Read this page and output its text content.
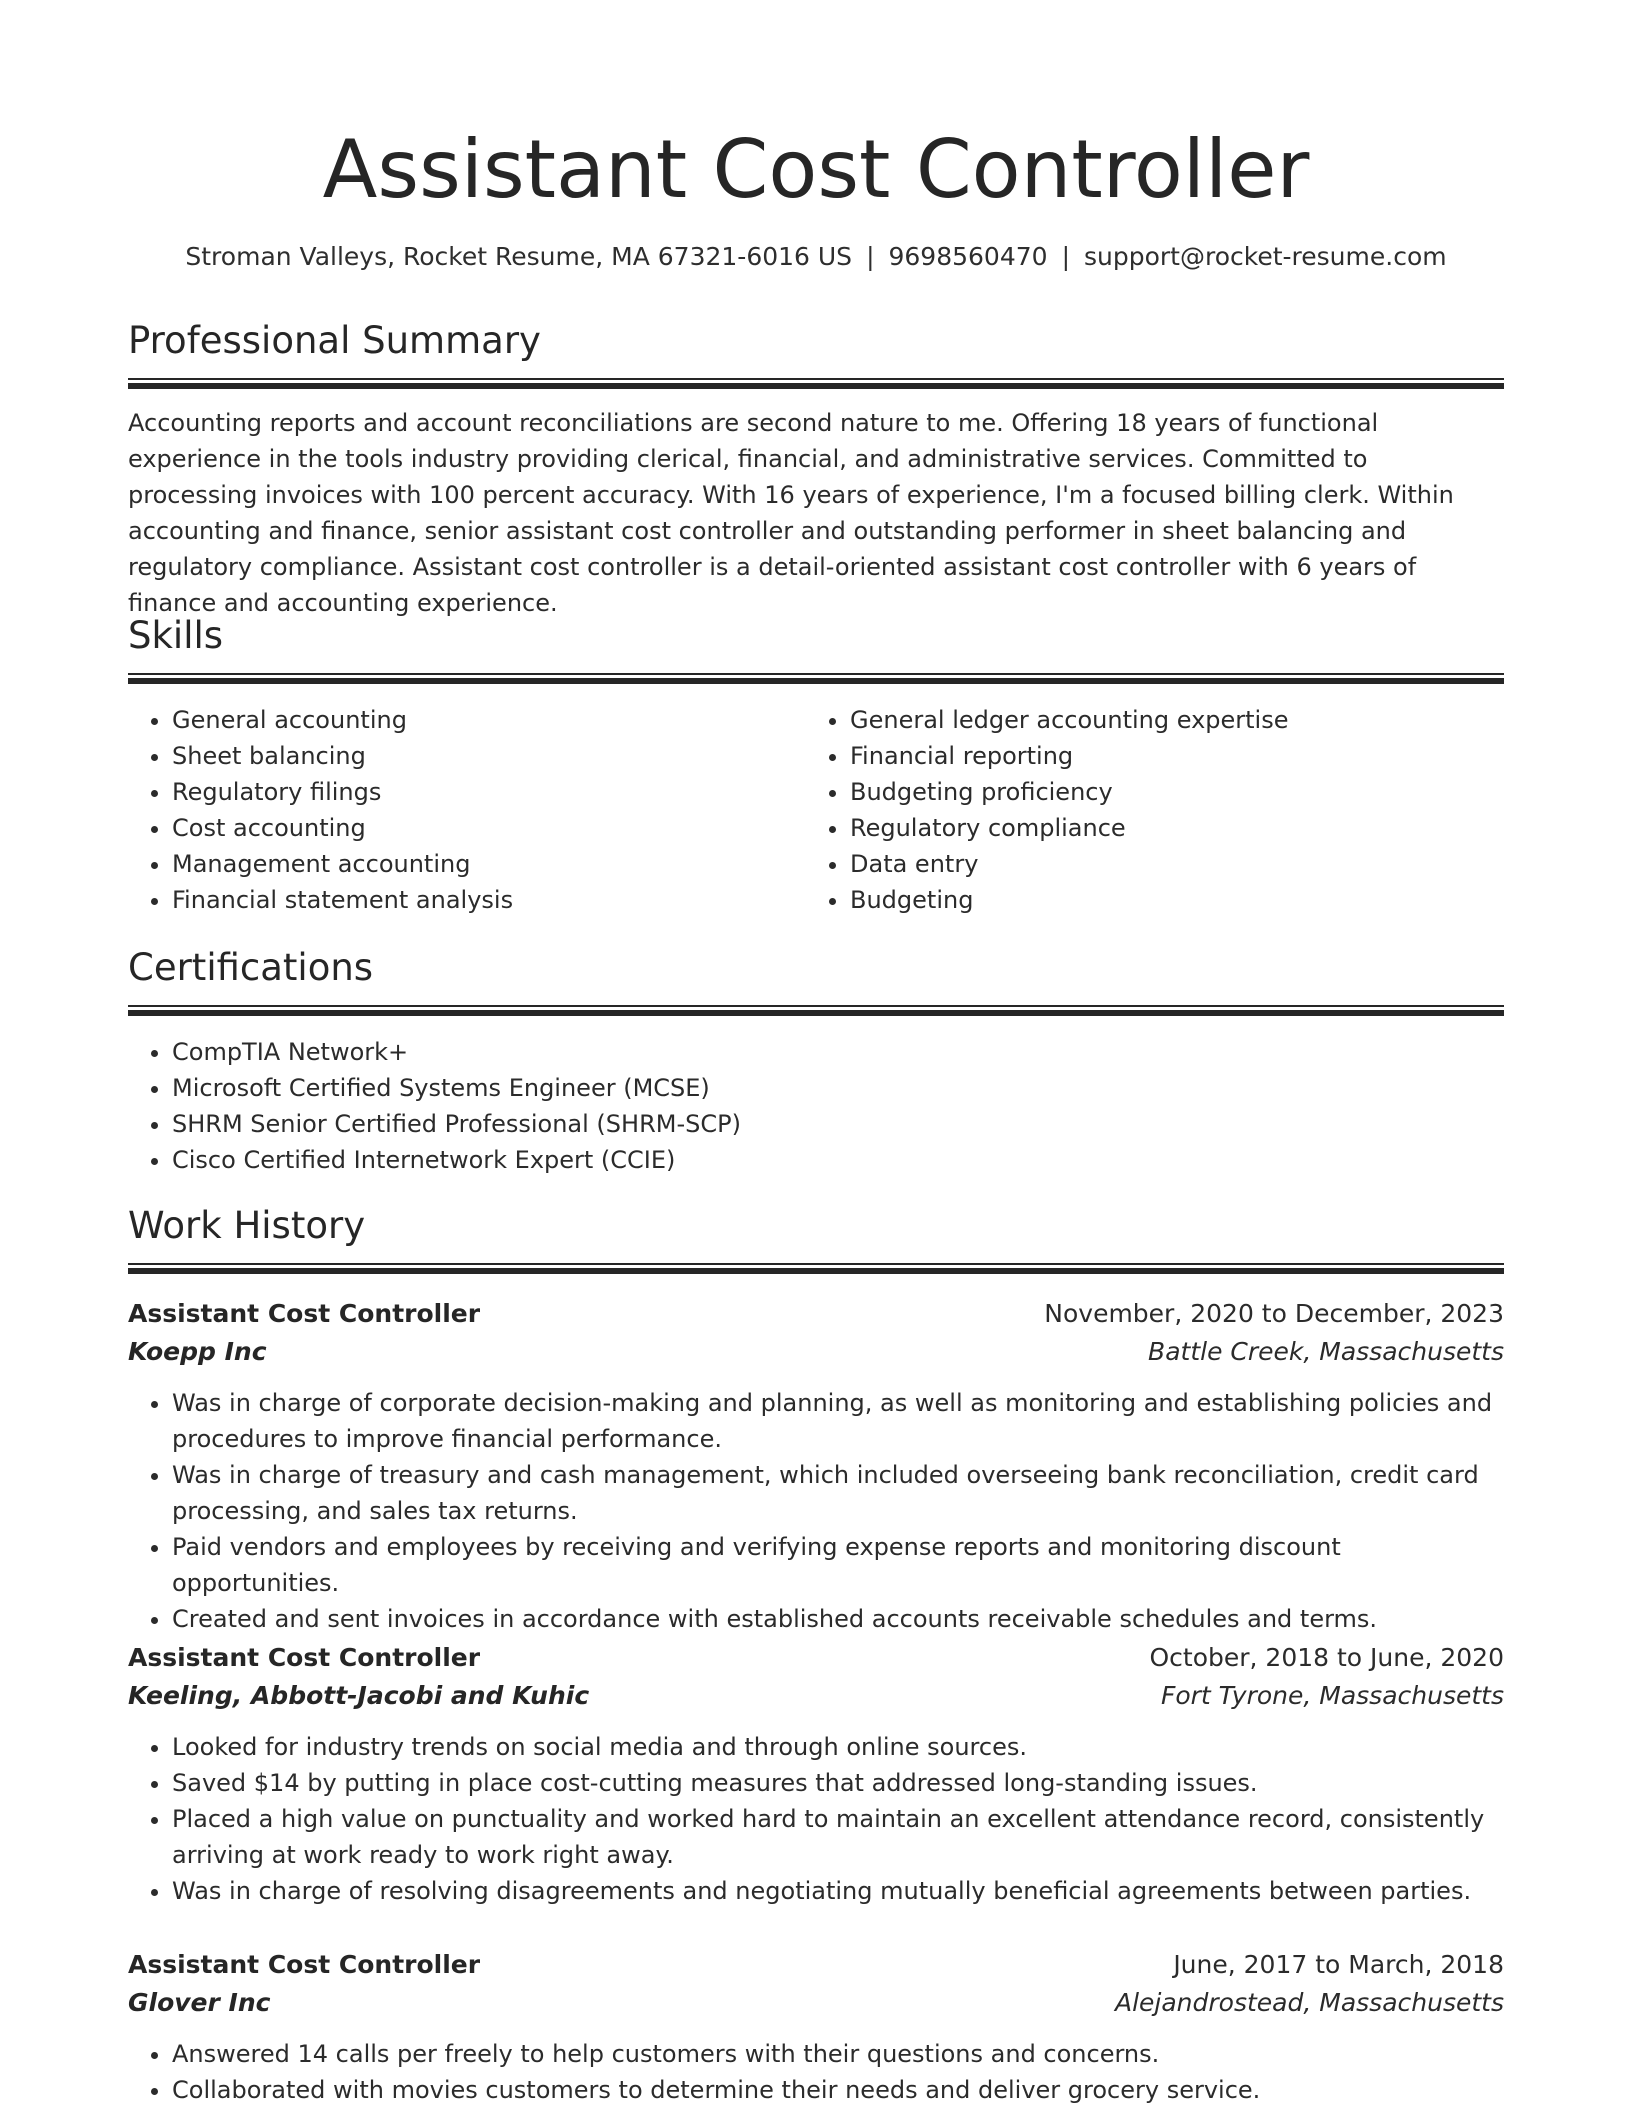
Assistant Cost Controller
Stroman Valleys, Rocket Resume, MA 67321-6016 US | 9698560470 | support@rocket-resume.com
Professional Summary

Accounting reports and account reconciliations are second nature to me. Offering 18 years of functional experience in the tools industry providing clerical, financial, and administrative services. Committed to processing invoices with 100 percent accuracy. With 16 years of experience, I'm a focused billing clerk. Within accounting and finance, senior assistant cost controller and outstanding performer in sheet balancing and regulatory compliance. Assistant cost controller is a detail-oriented assistant cost controller with 6 years of finance and accounting experience.

Skills
• General accounting
• Sheet balancing
• Regulatory filings
• Cost accounting
• Management accounting
• Financial statement analysis
• General ledger accounting expertise
• Financial reporting
• Budgeting proficiency
• Regulatory compliance
• Data entry
• Budgeting
Certifications
• CompTIA Network+
• Microsoft Certified Systems Engineer (MCSE)
• SHRM Senior Certified Professional (SHRM-SCP)
• Cisco Certified Internetwork Expert (CCIE)
Work History
Assistant Cost Controller	November, 2020 to December, 2023
Koepp Inc	Battle Creek, Massachusetts
• Was in charge of corporate decision-making and planning, as well as monitoring and establishing policies and procedures to improve financial performance.
• Was in charge of treasury and cash management, which included overseeing bank reconciliation, credit card processing, and sales tax returns.
• Paid vendors and employees by receiving and verifying expense reports and monitoring discount opportunities.
• Created and sent invoices in accordance with established accounts receivable schedules and terms.
Assistant Cost Controller	October, 2018 to June, 2020
Keeling, Abbott-Jacobi and Kuhic	Fort Tyrone, Massachusetts
• Looked for industry trends on social media and through online sources.
• Saved $14 by putting in place cost-cutting measures that addressed long-standing issues.
• Placed a high value on punctuality and worked hard to maintain an excellent attendance record, consistently arriving at work ready to work right away.
• Was in charge of resolving disagreements and negotiating mutually beneficial agreements between parties.
Assistant Cost Controller	June, 2017 to March, 2018
Glover Inc	Alejandrostead, Massachusetts
• Answered 14 calls per freely to help customers with their questions and concerns.
• Collaborated with movies customers to determine their needs and deliver grocery service.
